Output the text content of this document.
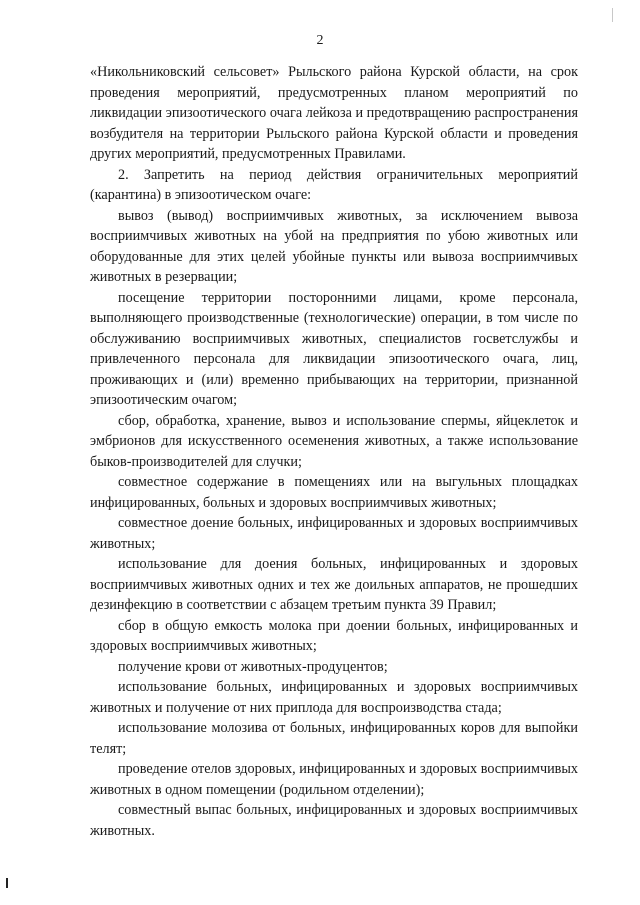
2

«Никольниковский сельсовет» Рыльского района Курской области, на срок проведения мероприятий, предусмотренных планом мероприятий по ликвидации эпизоотического очага лейкоза и предотвращению распространения возбудителя на территории Рыльского района Курской области и проведения других мероприятий, предусмотренных Правилами.

2. Запретить на период действия ограничительных мероприятий (карантина) в эпизоотическом очаге:

вывоз (вывод) восприимчивых животных, за исключением вывоза восприимчивых животных на убой на предприятия по убою животных или оборудованные для этих целей убойные пункты или вывоза восприимчивых животных в резервации;

посещение территории посторонними лицами, кроме персонала, выполняющего производственные (технологические) операции, в том числе по обслуживанию восприимчивых животных, специалистов госветслужбы и привлеченного персонала для ликвидации эпизоотического очага, лиц, проживающих и (или) временно прибывающих на территории, признанной эпизоотическим очагом;

сбор, обработка, хранение, вывоз и использование спермы, яйцеклеток и эмбрионов для искусственного осеменения животных, а также использование быков-производителей для случки;

совместное содержание в помещениях или на выгульных площадках инфицированных, больных и здоровых восприимчивых животных;

совместное доение больных, инфицированных и здоровых восприимчивых животных;

использование для доения больных, инфицированных и здоровых восприимчивых животных одних и тех же доильных аппаратов, не прошедших дезинфекцию в соответствии с абзацем третьим пункта 39 Правил;

сбор в общую емкость молока при доении больных, инфицированных и здоровых восприимчивых животных;

получение крови от животных-продуцентов;

использование больных, инфицированных и здоровых восприимчивых животных и получение от них приплода для воспроизводства стада;

использование молозива от больных, инфицированных коров для выпойки телят;

проведение отелов здоровых, инфицированных и здоровых восприимчивых животных в одном помещении (родильном отделении);

совместный выпас больных, инфицированных и здоровых восприимчивых животных.
